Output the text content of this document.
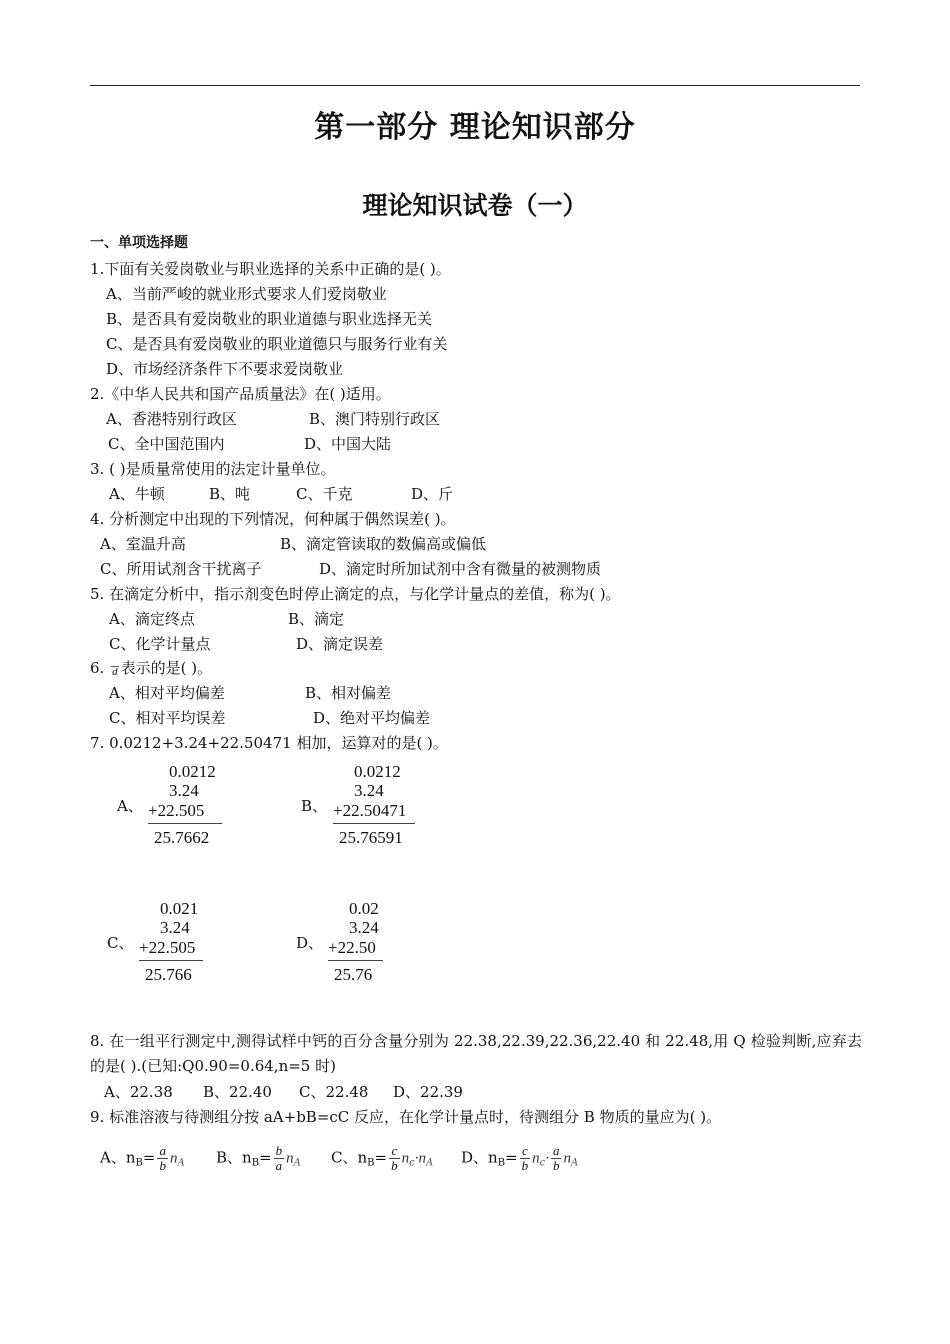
第一部分 理论知识部分
理论知识试卷（一）
一、单项选择题
1.下面有关爱岗敬业与职业选择的关系中正确的是( )。
A、当前严峻的就业形式要求人们爱岗敬业
B、是否具有爱岗敬业的职业道德与职业选择无关
C、是否具有爱岗敬业的职业道德只与服务行业有关
D、市场经济条件下不要求爱岗敬业
2.《中华人民共和国产品质量法》在( )适用。
A、香港特别行政区	B、澳门特别行政区
C、全中国范围内	D、中国大陆
3. ( )是质量常使用的法定计量单位。
A、牛顿	B、吨	C、千克	D、斤
4. 分析测定中出现的下列情况，何种属于偶然误差( )。
A、室温升高	B、滴定管读取的数偏高或偏低
C、所用试剂含干扰离子	D、滴定时所加试剂中含有微量的被测物质
5. 在滴定分析中，指示剂变色时停止滴定的点，与化学计量点的差值，称为( )。
A、滴定终点	B、滴定
C、化学计量点	D、滴定误差
6. d 表示的是( )。
A、相对平均偏差	B、相对偏差
C、相对平均误差	D、绝对平均偏差
7. 0.0212+3.24+22.50471 相加，运算对的是( )。
A、
0.0212
3.24
+22.505
25.7662
B、
0.0212
3.24
+22.50471
25.76591
C、
0.021
3.24
+22.505
25.766
D、
0.02
3.24
+22.50
25.76
8. 在一组平行测定中,测得试样中钙的百分含量分别为 22.38,22.39,22.36,22.40 和 22.48,用 Q 检验判断,应弃去的是( ).(已知:Q0.90=0.64,n=5 时)
A、22.38 B、22.40 C、22.48 D、22.39
9. 标准溶液与待测组分按 aA+bB=cC 反应，在化学计量点时，待测组分 B 物质的量应为( )。
A、$n_B= \frac{a}{b} n_A$ B、$n_B= \frac{b}{a} n_A$ C、$n_B= \frac{c}{b} n_c\cdot n_A$ D、$n_B= \frac{c}{b} n_c\cdot \frac{a}{b} n_A$
